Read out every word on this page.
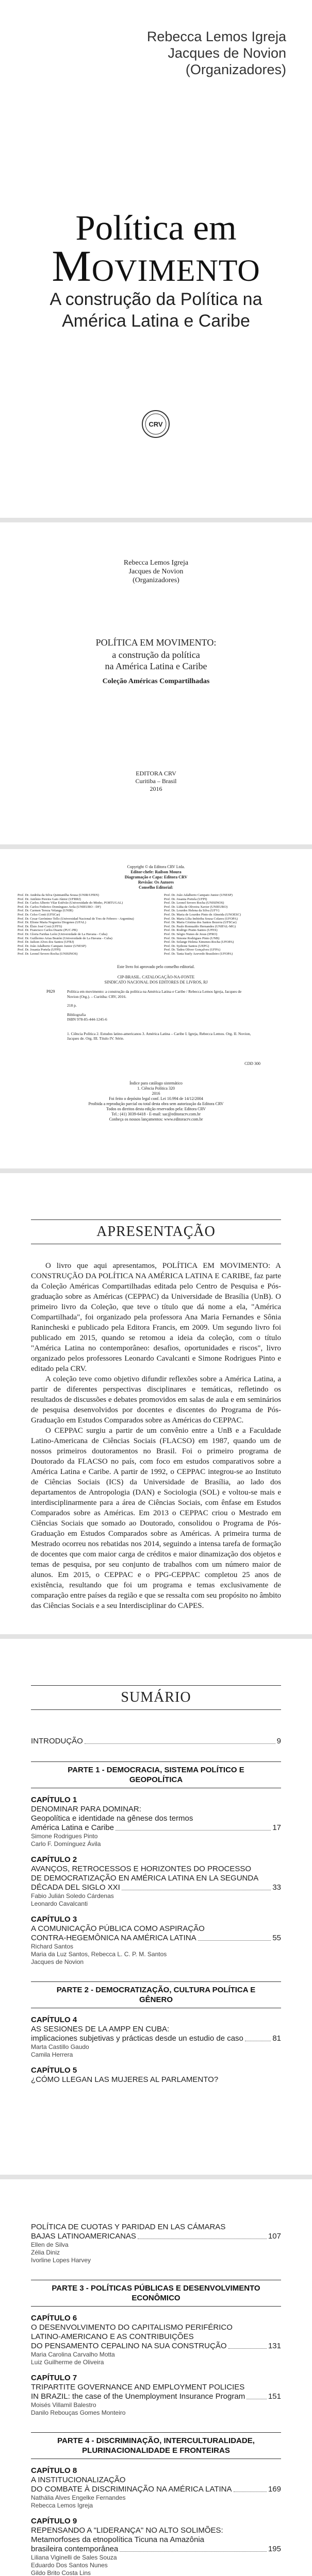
Rebecca Lemos Igreja
Jacques de Novion
(Organizadores)
Política em
Movimento
A construção da Política na
América Latina e Caribe
CRV
Rebecca Lemos Igreja
Jacques de Novion
(Organizadores)
POLÍTICA EM MOVIMENTO:
a construção da política
na América Latina e Caribe
Coleção Américas Compartilhadas
EDITORA CRV
Curitiba – Brasil
2016
Copyright © da Editora CRV Ltda.
Editor-chefe: Railson Moura
Diagramação e Capa: Editora CRV
Revisão: Os Autores
Conselho Editorial:
Prof. Dr. Andréia da Silva Quintanilha Sousa (UNIR/UFRN)
Prof. Dr. Antônio Pereira Gaio Júnior (UFRRJ)
Prof. Dr. Carlos Alberto Vilar Estêvão (Universidade do Minho, PORTUGAL)
Prof. Dr. Carlos Federico Domínguez Avila (UNIEURO - DF)
Prof. Dr. Carmen Tereza Velanga (UNIR)
Prof. Dr. Celso Conti (UFSCar)
Prof. Dr. Cesar Gerónimo Tello (Universidad Nacional de Tres de Febrero - Argentina)
Prof. Dr. Elione Maria Nogueira Diogenes (UFAL)
Prof. Dr. Élsio José Corá (UFFS)
Prof. Dr. Francisco Carlos Duarte (PUC-PR)
Prof. Dr. Gloria Fariñas León (Universidade de La Havana - Cuba)
Prof. Dr. Guillermo Arias Beatón (Universidade de La Havana - Cuba)
Prof. Dr. Jailson Alves dos Santos (UFRJ)
Prof. Dr. João Adalberto Campato Junior (UNESP)
Prof. Dr. Josania Portela (UFPI)
Prof. Dr. Leonel Severo Rocha (UNISINOS)
Prof. Dr. João Adalberto Campato Junior (UNESP)
Prof. Dr. Josania Portela (UFPI)
Prof. Dr. Leonel Severo Rocha (UNISINOS)
Prof. Dr. Lídia de Oliveira Xavier (UNIEURO)
Prof. Dr. Lourdes Helena da Silva (UFV)
Prof. Dr. Maria de Lourdes Pinto de Almeida (UNOESC)
Prof. Dr. Maria Lília Imbiriba Sousa Colares (UFOPA)
Prof. Dr. Maria Cristina dos Santos Bezerra (UFSCar)
Prof. Dr. Paulo Romualdo Hernandes (UNIFAL-MG)
Prof. Dr. Rodrigo Pratte-Santos (UFES)
Prof. Dr. Sérgio Nunes de Jesus (IFRO)
Prof. Dr. Simone Rodrigues Pinto (UNB)
Prof. Dr. Solange Helena Ximenes-Rocha (UFOPA)
Prof. Dr. Sydione Santos (UEPG)
Prof. Dr. Tadeu Oliver Gonçalves (UFPA)
Prof. Dr. Tania Suely Azevedo Brasileiro (UFOPA)
Este livro foi aprovado pelo conselho editorial.
CIP-BRASIL. CATALOGAÇÃO-NA-FONTE
SINDICATO NACIONAL DOS EDITORES DE LIVROS, RJ
P829	Política em movimento: a construção da política na América Latina e Caribe / Rebecca Lemos Igreja, Jacques de Novion (Org.). – Curitiba: CRV, 2016.
218 p.
Bibliografia
ISBN 978-85-444-1245-6
1. Ciência Política 2. Estudos latino-americanos 3. América Latina – Caribe I. Igreja, Rebecca Lemos. Org. II. Novion, Jacques de. Org. III. Título IV. Série.
CDD 300
Índice para catálogo sistemático
1. Ciência Política 320
2016
Foi feito o depósito legal conf. Lei 10.994 de 14/12/2004
Proibida a reprodução parcial ou total desta obra sem autorização da Editora CRV
Todos os direitos desta edição reservados pela: Editora CRV
Tel.: (41) 3039-6418 - E-mail: sac@editoracrv.com.br
Conheça os nossos lançamentos: www.editoracrv.com.br
APRESENTAÇÃO

O livro que aqui apresentamos, POLÍTICA EM MOVIMENTO: A CONSTRUÇÃO DA POLÍTICA NA AMÉRICA LATINA E CARIBE, faz parte da Coleção Américas Compartilhadas editada pelo Centro de Pesquisa e Pós-graduação sobre as Américas (CEPPAC) da Universidade de Brasília (UnB). O primeiro livro da Coleção, que teve o título que dá nome a ela, "América Compartilhada", foi organizado pela professora Ana Maria Fernandes e Sônia Ranincheski e publicado pela Editora Francis, em 2009. Um segundo livro foi publicado em 2015, quando se retomou a ideia da coleção, com o título "América Latina no contemporâneo: desafios, oportunidades e riscos", livro organizado pelos professores Leonardo Cavalcanti e Simone Rodrigues Pinto e editado pela CRV.

A coleção teve como objetivo difundir reflexões sobre a América Latina, a partir de diferentes perspectivas disciplinares e temáticas, refletindo os resultados de discussões e debates promovidos em salas de aula e em seminários de pesquisa desenvolvidos por docentes e discentes do Programa de Pós-Graduação em Estudos Comparados sobre as Américas do CEPPAC.

O CEPPAC surgiu a partir de um convênio entre a UnB e a Faculdade Latino-Americana de Ciências Sociais (FLACSO) em 1987, quando um de nossos primeiros doutoramentos no Brasil. Foi o primeiro programa de Doutorado da FLACSO no país, com foco em estudos comparativos sobre a América Latina e Caribe. A partir de 1992, o CEPPAC integrou-se ao Instituto de Ciências Sociais (ICS) da Universidade de Brasília, ao lado dos departamentos de Antropologia (DAN) e Sociologia (SOL) e voltou-se mais e interdisciplinarmente para a área de Ciências Sociais, com ênfase em Estudos Comparados sobre as Américas. Em 2013 o CEPPAC criou o Mestrado em Ciências Sociais que somado ao Doutorado, consolidou o Programa de Pós-Graduação em Estudos Comparados sobre as Américas. A primeira turma de Mestrado ocorreu nos rebatidas nos 2014, seguindo a intensa tarefa de formação de docentes que com maior carga de créditos e maior dinamização dos objetos e temas de pesquisa, por seu conjunto de trabalhos com um número maior de alunos. Em 2015, o CEPPAC e o PPG-CEPPAC completou 25 anos de existência, resultando que foi um programa e temas exclusivamente de comparação entre países da região e que se ressalta com seu propósito no âmbito das Ciências Sociais e a seu Interdisciplinar do CAPES.

SUMÁRIO
INTRODUÇÃO	9
PARTE 1 - DEMOCRACIA, SISTEMA POLÍTICO E GEOPOLÍTICA
CAPÍTULO 1
DENOMINAR PARA DOMINAR:
Geopolítica e identidade na gênese dos termos
América Latina e Caribe	17
Simone Rodrigues Pinto
Carlo F. Domínguez Ávila
CAPÍTULO 2
AVANÇOS, RETROCESSOS E HORIZONTES DO PROCESSO
DE DEMOCRATIZAÇÃO EN AMÉRICA LATINA EN LA SEGUNDA
DÉCADA DEL SIGLO XXI	33
Fabio Julián Soledo Cárdenas
Leonardo Cavalcanti
CAPÍTULO 3
A COMUNICAÇÃO PÚBLICA COMO ASPIRAÇÃO
CONTRA-HEGEMÔNICA NA AMÉRICA LATINA	55
Richard Santos
Maria da Luz Santos, Rebecca L. C. P. M. Santos
Jacques de Novion
PARTE 2 - DEMOCRATIZAÇÃO, CULTURA POLÍTICA E GÊNERO
CAPÍTULO 4
AS SESIONES DE LA AMPP EN CUBA:
implicaciones subjetivas y prácticas desde un estudio de caso	81
Marta Castillo Gaudo
Camila Herrera
CAPÍTULO 5
¿CÓMO LLEGAN LAS MUJERES AL PARLAMENTO?
POLÍTICA DE CUOTAS Y PARIDAD EN LAS CÁMARAS
BAJAS LATINOAMERICANAS	107
Ellen de Silva
Zélia Diniz
Ivorline Lopes Harvey
PARTE 3 - POLÍTICAS PÚBLICAS E DESENVOLVIMENTO ECONÔMICO
CAPÍTULO 6
O DESENVOLVIMENTO DO CAPITALISMO PERIFÉRICO
LATINO-AMERICANO E AS CONTRIBUIÇÕES
DO PENSAMENTO CEPALINO NA SUA CONSTRUÇÃO	131
Maria Carolina Carvalho Motta
Luiz Guilherme de Oliveira
CAPÍTULO 7
TRIPARTITE GOVERNANCE AND EMPLOYMENT POLICIES
IN BRAZIL: the case of the Unemployment Insurance Program	151
Moisés Villamil Balestro
Danilo Rebouças Gomes Monteiro
PARTE 4 - DISCRIMINAÇÃO, INTERCULTURALIDADE, PLURINACIONALIDADE E FRONTEIRAS
CAPÍTULO 8
A INSTITUCIONALIZAÇÃO
DO COMBATE À DISCRIMINAÇÃO NA AMÉRICA LATINA	169
Nathália Alves Engelke Fernandes
Rebecca Lemos Igreja
CAPÍTULO 9
REPENSANDO A "LIDERANÇA" NO ALTO SOLIMÕES:
Metamorfoses da etnopolítica Ticuna na Amazônia
brasileira contemporânea	195
Liliana Viginelli de Sales Souza
Eduardo Dos Santos Nunes
Gildo Brito Costa Lins
